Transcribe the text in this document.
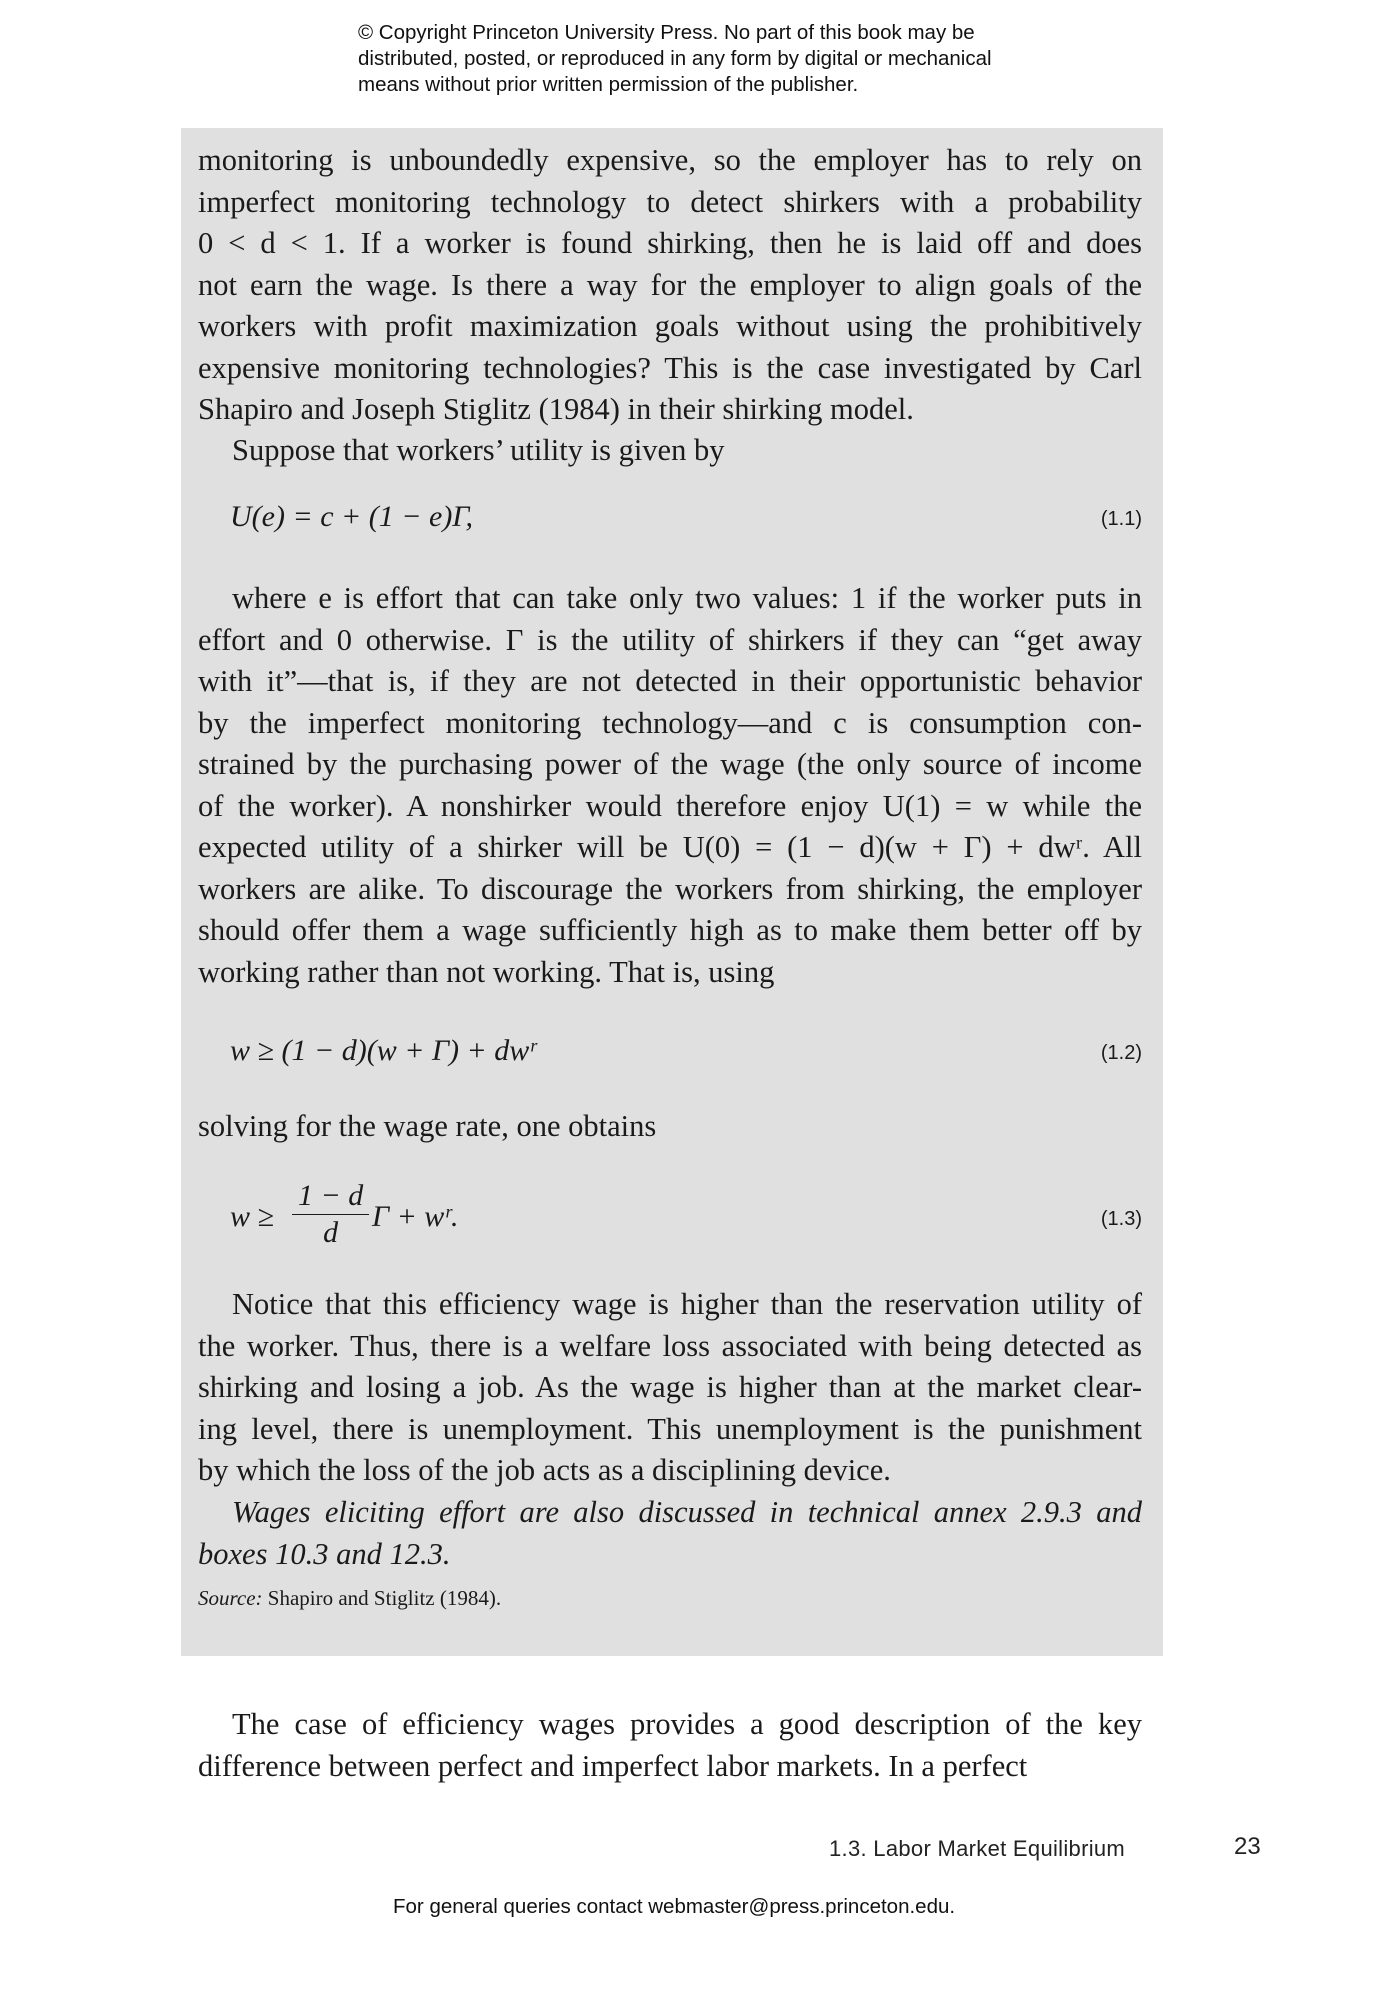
© Copyright Princeton University Press. No part of this book may be
distributed, posted, or reproduced in any form by digital or mechanical
means without prior written permission of the publisher.
monitoring is unboundedly expensive, so the employer has to rely on
imperfect monitoring technology to detect shirkers with a probability
0 < d < 1. If a worker is found shirking, then he is laid off and does
not earn the wage. Is there a way for the employer to align goals of the
workers with profit maximization goals without using the prohibitively
expensive monitoring technologies? This is the case investigated by Carl
Shapiro and Joseph Stiglitz (1984) in their shirking model.
Suppose that workers’ utility is given by
U(e) = c + (1 − e)Γ,	(1.1)
where e is effort that can take only two values: 1 if the worker puts in
effort and 0 otherwise. Γ is the utility of shirkers if they can “get away
with it”—that is, if they are not detected in their opportunistic behavior
by the imperfect monitoring technology—and c is consumption con-
strained by the purchasing power of the wage (the only source of income
of the worker). A nonshirker would therefore enjoy U(1) = w while the
expected utility of a shirker will be U(0) = (1 − d)(w + Γ) + dwʳ. All
workers are alike. To discourage the workers from shirking, the employer
should offer them a wage sufficiently high as to make them better off by
working rather than not working. That is, using
w ≥ (1 − d)(w + Γ) + dwʳ	(1.2)
solving for the wage rate, one obtains
$w \ge \frac{1 - d}{d}$ Γ + wʳ.	(1.3)
Notice that this efficiency wage is higher than the reservation utility of
the worker. Thus, there is a welfare loss associated with being detected as
shirking and losing a job. As the wage is higher than at the market clear-
ing level, there is unemployment. This unemployment is the punishment
by which the loss of the job acts as a disciplining device.
Wages eliciting effort are also discussed in technical annex 2.9.3 and
boxes 10.3 and 12.3.
Source: Shapiro and Stiglitz (1984).
The case of efficiency wages provides a good description of the key
difference between perfect and imperfect labor markets. In a perfect
1.3. Labor Market Equilibrium	23
For general queries contact webmaster@press.princeton.edu.
